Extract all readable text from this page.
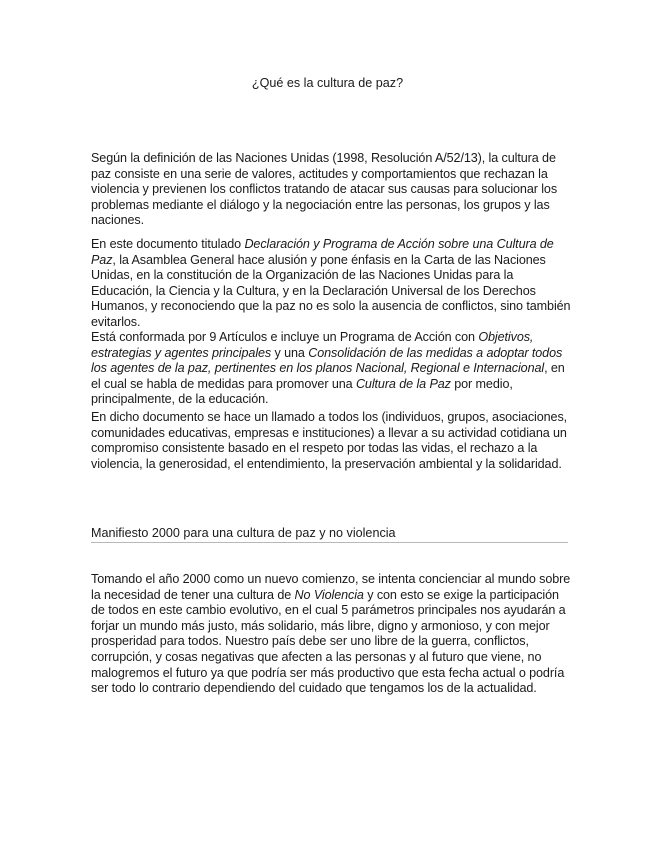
¿Qué es la cultura de paz?

Según la definición de las Naciones Unidas (1998, Resolución A/52/13), la cultura de paz consiste en una serie de valores, actitudes y comportamientos que rechazan la violencia y previenen los conflictos tratando de atacar sus causas para solucionar los problemas mediante el diálogo y la negociación entre las personas, los grupos y las naciones.

En este documento titulado Declaración y Programa de Acción sobre una Cultura de Paz, la Asamblea General hace alusión y pone énfasis en la Carta de las Naciones Unidas, en la constitución de la Organización de las Naciones Unidas para la Educación, la Ciencia y la Cultura, y en la Declaración Universal de los Derechos Humanos, y reconociendo que la paz no es solo la ausencia de conflictos, sino también evitarlos.

Está conformada por 9 Artículos e incluye un Programa de Acción con Objetivos, estrategias y agentes principales y una Consolidación de las medidas a adoptar todos los agentes de la paz, pertinentes en los planos Nacional, Regional e Internacional, en el cual se habla de medidas para promover una Cultura de la Paz por medio, principalmente, de la educación.

En dicho documento se hace un llamado a todos los (individuos, grupos, asociaciones, comunidades educativas, empresas e instituciones) a llevar a su actividad cotidiana un compromiso consistente basado en el respeto por todas las vidas, el rechazo a la violencia, la generosidad, el entendimiento, la preservación ambiental y la solidaridad.

Manifiesto 2000 para una cultura de paz y no violencia

Tomando el año 2000 como un nuevo comienzo, se intenta concienciar al mundo sobre la necesidad de tener una cultura de No Violencia y con esto se exige la participación de todos en este cambio evolutivo, en el cual 5 parámetros principales nos ayudarán a forjar un mundo más justo, más solidario, más libre, digno y armonioso, y con mejor prosperidad para todos. Nuestro país debe ser uno libre de la guerra, conflictos, corrupción, y cosas negativas que afecten a las personas y al futuro que viene, no malogremos el futuro ya que podría ser más productivo que esta fecha actual o podría ser todo lo contrario dependiendo del cuidado que tengamos los de la actualidad.
